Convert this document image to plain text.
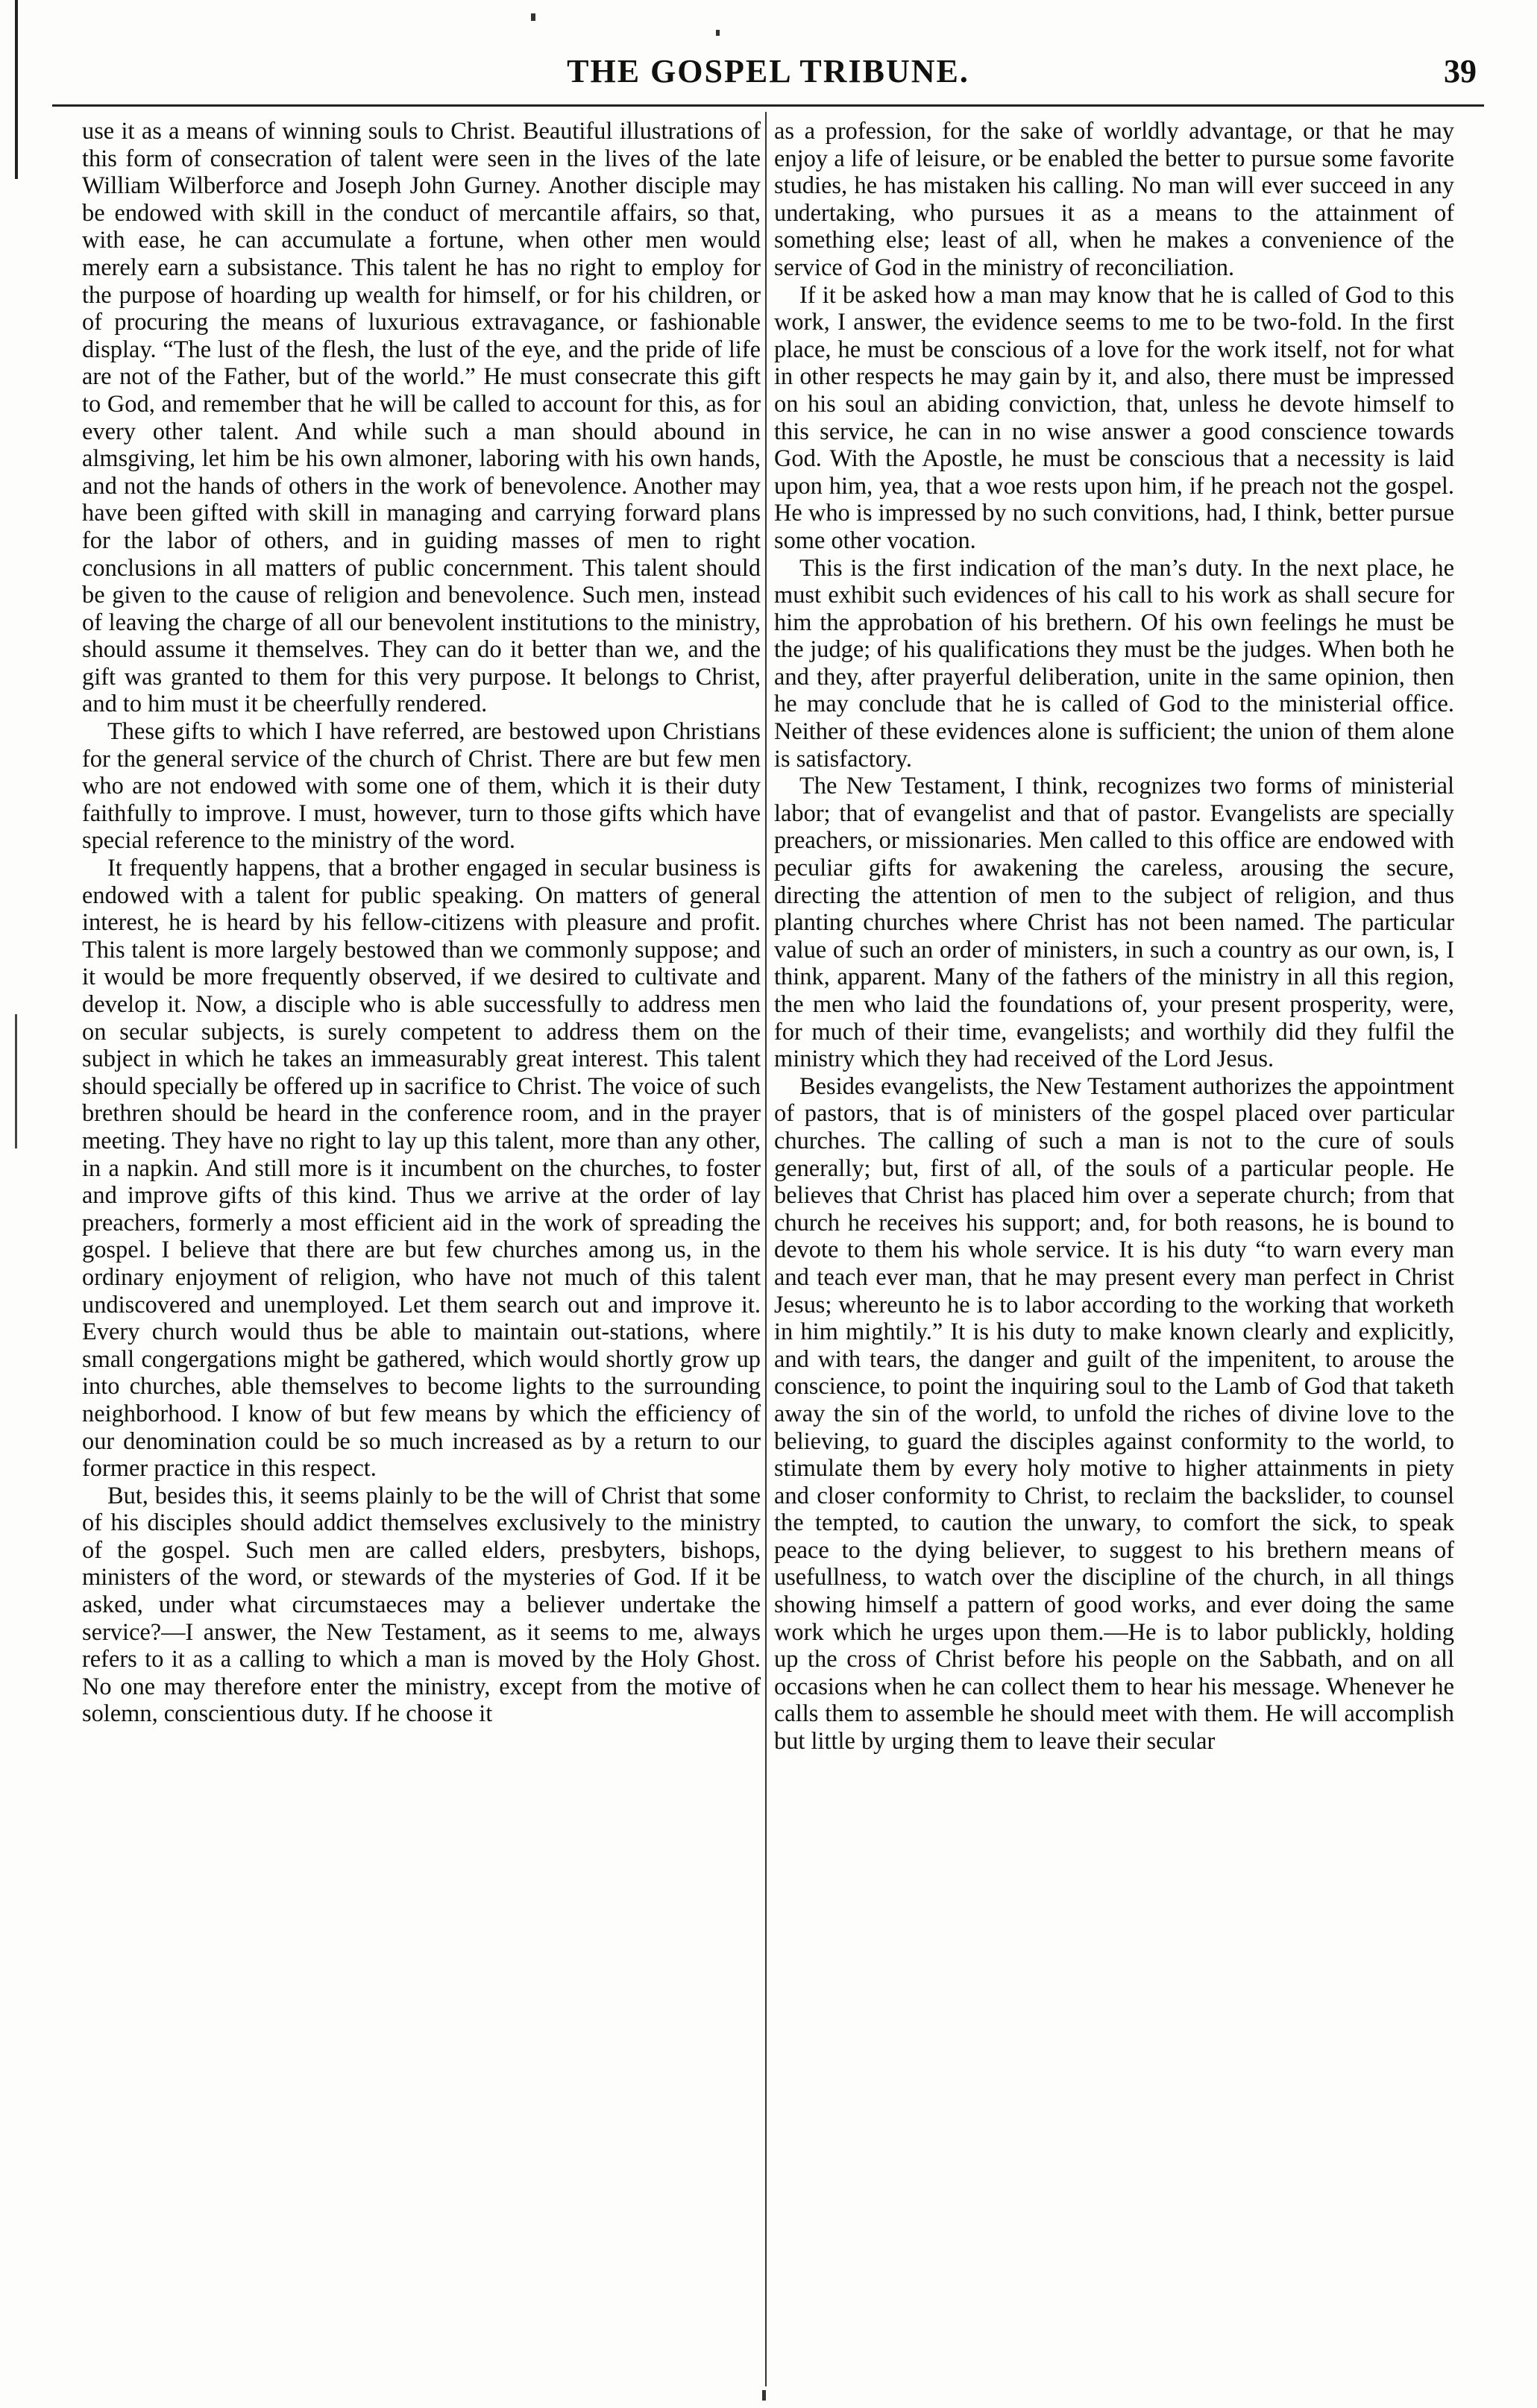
THE GOSPEL TRIBUNE.	39

use it as a means of winning souls to Christ. Beautiful illustrations of this form of consecration of talent were seen in the lives of the late William Wilberforce and Joseph John Gurney. Another disciple may be endowed with skill in the conduct of mercantile affairs, so that, with ease, he can accumulate a fortune, when other men would merely earn a subsistance. This talent he has no right to employ for the purpose of hoarding up wealth for himself, or for his children, or of procuring the means of luxurious extravagance, or fashionable display. “The lust of the flesh, the lust of the eye, and the pride of life are not of the Father, but of the world.” He must consecrate this gift to God, and remember that he will be called to account for this, as for every other talent. And while such a man should abound in almsgiving, let him be his own almoner, laboring with his own hands, and not the hands of others in the work of benevolence. Another may have been gifted with skill in managing and carrying forward plans for the labor of others, and in guiding masses of men to right conclusions in all matters of public concernment. This talent should be given to the cause of religion and benevolence. Such men, instead of leaving the charge of all our benevolent institutions to the ministry, should assume it themselves. They can do it better than we, and the gift was granted to them for this very purpose. It belongs to Christ, and to him must it be cheerfully rendered.

These gifts to which I have referred, are bestowed upon Christians for the general service of the church of Christ. There are but few men who are not endowed with some one of them, which it is their duty faithfully to improve. I must, however, turn to those gifts which have special reference to the ministry of the word.

It frequently happens, that a brother engaged in secular business is endowed with a talent for public speaking. On matters of general interest, he is heard by his fellow-citizens with pleasure and profit. This talent is more largely bestowed than we commonly suppose; and it would be more frequently observed, if we desired to cultivate and develop it. Now, a disciple who is able successfully to address men on secular subjects, is surely competent to address them on the subject in which he takes an immeasurably great interest. This talent should specially be offered up in sacrifice to Christ. The voice of such brethren should be heard in the conference room, and in the prayer meeting. They have no right to lay up this talent, more than any other, in a napkin. And still more is it incumbent on the churches, to foster and improve gifts of this kind. Thus we arrive at the order of lay preachers, formerly a most efficient aid in the work of spreading the gospel. I believe that there are but few churches among us, in the ordinary enjoyment of religion, who have not much of this talent undiscovered and unemployed. Let them search out and improve it. Every church would thus be able to maintain out-stations, where small congergations might be gathered, which would shortly grow up into churches, able themselves to become lights to the surrounding neighborhood. I know of but few means by which the efficiency of our denomination could be so much increased as by a return to our former practice in this respect.

But, besides this, it seems plainly to be the will of Christ that some of his disciples should addict themselves exclusively to the ministry of the gospel. Such men are called elders, presbyters, bishops, ministers of the word, or stewards of the mysteries of God. If it be asked, under what circumstaeces may a believer undertake the service?—I answer, the New Testament, as it seems to me, always refers to it as a calling to which a man is moved by the Holy Ghost. No one may therefore enter the ministry, except from the motive of solemn, conscientious duty. If he choose it

as a profession, for the sake of worldly advantage, or that he may enjoy a life of leisure, or be enabled the better to pursue some favorite studies, he has mistaken his calling. No man will ever succeed in any undertaking, who pursues it as a means to the attainment of something else; least of all, when he makes a convenience of the service of God in the ministry of reconciliation.

If it be asked how a man may know that he is called of God to this work, I answer, the evidence seems to me to be two-fold. In the first place, he must be conscious of a love for the work itself, not for what in other respects he may gain by it, and also, there must be impressed on his soul an abiding conviction, that, unless he devote himself to this service, he can in no wise answer a good conscience towards God. With the Apostle, he must be conscious that a necessity is laid upon him, yea, that a woe rests upon him, if he preach not the gospel. He who is impressed by no such convitions, had, I think, better pursue some other vocation.

This is the first indication of the man’s duty. In the next place, he must exhibit such evidences of his call to his work as shall secure for him the approbation of his brethern. Of his own feelings he must be the judge; of his qualifications they must be the judges. When both he and they, after prayerful deliberation, unite in the same opinion, then he may conclude that he is called of God to the ministerial office. Neither of these evidences alone is sufficient; the union of them alone is satisfactory.

The New Testament, I think, recognizes two forms of ministerial labor; that of evangelist and that of pastor. Evangelists are specially preachers, or missionaries. Men called to this office are endowed with peculiar gifts for awakening the careless, arousing the secure, directing the attention of men to the subject of religion, and thus planting churches where Christ has not been named. The particular value of such an order of ministers, in such a country as our own, is, I think, apparent. Many of the fathers of the ministry in all this region, the men who laid the foundations of, your present prosperity, were, for much of their time, evangelists; and worthily did they fulfil the ministry which they had received of the Lord Jesus.

Besides evangelists, the New Testament authorizes the appointment of pastors, that is of ministers of the gospel placed over particular churches. The calling of such a man is not to the cure of souls generally; but, first of all, of the souls of a particular people. He believes that Christ has placed him over a seperate church; from that church he receives his support; and, for both reasons, he is bound to devote to them his whole service. It is his duty “to warn every man and teach ever man, that he may present every man perfect in Christ Jesus; whereunto he is to labor according to the working that worketh in him mightily.” It is his duty to make known clearly and explicitly, and with tears, the danger and guilt of the impenitent, to arouse the conscience, to point the inquiring soul to the Lamb of God that taketh away the sin of the world, to unfold the riches of divine love to the believing, to guard the disciples against conformity to the world, to stimulate them by every holy motive to higher attainments in piety and closer conformity to Christ, to reclaim the backslider, to counsel the tempted, to caution the unwary, to comfort the sick, to speak peace to the dying believer, to suggest to his brethern means of usefullness, to watch over the discipline of the church, in all things showing himself a pattern of good works, and ever doing the same work which he urges upon them.—He is to labor publickly, holding up the cross of Christ before his people on the Sabbath, and on all occasions when he can collect them to hear his message. Whenever he calls them to assemble he should meet with them. He will accomplish but little by urging them to leave their secular
